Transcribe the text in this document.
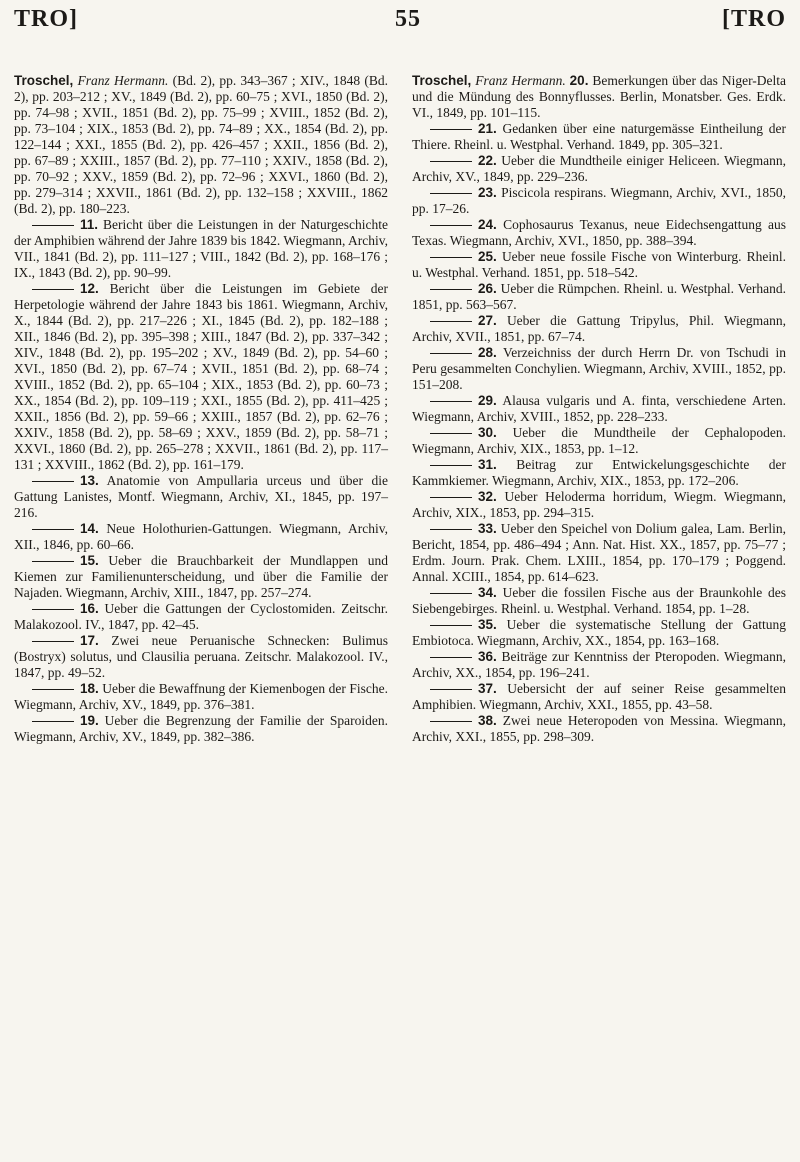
TRO]	55	[TRO

Troschel, Franz Hermann. (Bd. 2), pp. 343–367 ; XIV., 1848 (Bd. 2), pp. 203–212 ; XV., 1849 (Bd. 2), pp. 60–75 ; XVI., 1850 (Bd. 2), pp. 74–98 ; XVII., 1851 (Bd. 2), pp. 75–99 ; XVIII., 1852 (Bd. 2), pp. 73–104 ; XIX., 1853 (Bd. 2), pp. 74–89 ; XX., 1854 (Bd. 2), pp. 122–144 ; XXI., 1855 (Bd. 2), pp. 426–457 ; XXII., 1856 (Bd. 2), pp. 67–89 ; XXIII., 1857 (Bd. 2), pp. 77–110 ; XXIV., 1858 (Bd. 2), pp. 70–92 ; XXV., 1859 (Bd. 2), pp. 72–96 ; XXVI., 1860 (Bd. 2), pp. 279–314 ; XXVII., 1861 (Bd. 2), pp. 132–158 ; XXVIII., 1862 (Bd. 2), pp. 180–223.

11. Bericht über die Leistungen in der Naturgeschichte der Amphibien während der Jahre 1839 bis 1842. Wiegmann, Archiv, VII., 1841 (Bd. 2), pp. 111–127 ; VIII., 1842 (Bd. 2), pp. 168–176 ; IX., 1843 (Bd. 2), pp. 90–99.

12. Bericht über die Leistungen im Gebiete der Herpetologie während der Jahre 1843 bis 1861. Wiegmann, Archiv, X., 1844 (Bd. 2), pp. 217–226 ; XI., 1845 (Bd. 2), pp. 182–188 ; XII., 1846 (Bd. 2), pp. 395–398 ; XIII., 1847 (Bd. 2), pp. 337–342 ; XIV., 1848 (Bd. 2), pp. 195–202 ; XV., 1849 (Bd. 2), pp. 54–60 ; XVI., 1850 (Bd. 2), pp. 67–74 ; XVII., 1851 (Bd. 2), pp. 68–74 ; XVIII., 1852 (Bd. 2), pp. 65–104 ; XIX., 1853 (Bd. 2), pp. 60–73 ; XX., 1854 (Bd. 2), pp. 109–119 ; XXI., 1855 (Bd. 2), pp. 411–425 ; XXII., 1856 (Bd. 2), pp. 59–66 ; XXIII., 1857 (Bd. 2), pp. 62–76 ; XXIV., 1858 (Bd. 2), pp. 58–69 ; XXV., 1859 (Bd. 2), pp. 58–71 ; XXVI., 1860 (Bd. 2), pp. 265–278 ; XXVII., 1861 (Bd. 2), pp. 117–131 ; XXVIII., 1862 (Bd. 2), pp. 161–179.

13. Anatomie von Ampullaria urceus und über die Gattung Lanistes, Montf. Wiegmann, Archiv, XI., 1845, pp. 197–216.

14. Neue Holothurien-Gattungen. Wiegmann, Archiv, XII., 1846, pp. 60–66.

15. Ueber die Brauchbarkeit der Mundlappen und Kiemen zur Familienunterscheidung, und über die Familie der Najaden. Wiegmann, Archiv, XIII., 1847, pp. 257–274.

16. Ueber die Gattungen der Cyclostomiden. Zeitschr. Malakozool. IV., 1847, pp. 42–45.

17. Zwei neue Peruanische Schnecken: Bulimus (Bostryx) solutus, und Clausilia peruana. Zeitschr. Malakozool. IV., 1847, pp. 49–52.

18. Ueber die Bewaffnung der Kiemenbogen der Fische. Wiegmann, Archiv, XV., 1849, pp. 376–381.

19. Ueber die Begrenzung der Familie der Sparoiden. Wiegmann, Archiv, XV., 1849, pp. 382–386.

Troschel, Franz Hermann. 20. Bemerkungen über das Niger-Delta und die Mündung des Bonnyflusses. Berlin, Monatsber. Ges. Erdk. VI., 1849, pp. 101–115.

21. Gedanken über eine naturgemässe Eintheilung der Thiere. Rheinl. u. Westphal. Verhand. 1849, pp. 305–321.

22. Ueber die Mundtheile einiger Heliceen. Wiegmann, Archiv, XV., 1849, pp. 229–236.

23. Piscicola respirans. Wiegmann, Archiv, XVI., 1850, pp. 17–26.

24. Cophosaurus Texanus, neue Eidechsengattung aus Texas. Wiegmann, Archiv, XVI., 1850, pp. 388–394.

25. Ueber neue fossile Fische von Winterburg. Rheinl. u. Westphal. Verhand. 1851, pp. 518–542.

26. Ueber die Rümpchen. Rheinl. u. Westphal. Verhand. 1851, pp. 563–567.

27. Ueber die Gattung Tripylus, Phil. Wiegmann, Archiv, XVII., 1851, pp. 67–74.

28. Verzeichniss der durch Herrn Dr. von Tschudi in Peru gesammelten Conchylien. Wiegmann, Archiv, XVIII., 1852, pp. 151–208.

29. Alausa vulgaris und A. finta, verschiedene Arten. Wiegmann, Archiv, XVIII., 1852, pp. 228–233.

30. Ueber die Mundtheile der Cephalopoden. Wiegmann, Archiv, XIX., 1853, pp. 1–12.

31. Beitrag zur Entwickelungsgeschichte der Kammkiemer. Wiegmann, Archiv, XIX., 1853, pp. 172–206.

32. Ueber Heloderma horridum, Wiegm. Wiegmann, Archiv, XIX., 1853, pp. 294–315.

33. Ueber den Speichel von Dolium galea, Lam. Berlin, Bericht, 1854, pp. 486–494 ; Ann. Nat. Hist. XX., 1857, pp. 75–77 ; Erdm. Journ. Prak. Chem. LXIII., 1854, pp. 170–179 ; Poggend. Annal. XCIII., 1854, pp. 614–623.

34. Ueber die fossilen Fische aus der Braunkohle des Siebengebirges. Rheinl. u. Westphal. Verhand. 1854, pp. 1–28.

35. Ueber die systematische Stellung der Gattung Embiotoca. Wiegmann, Archiv, XX., 1854, pp. 163–168.

36. Beiträge zur Kenntniss der Pteropoden. Wiegmann, Archiv, XX., 1854, pp. 196–241.

37. Uebersicht der auf seiner Reise gesammelten Amphibien. Wiegmann, Archiv, XXI., 1855, pp. 43–58.

38. Zwei neue Heteropoden von Messina. Wiegmann, Archiv, XXI., 1855, pp. 298–309.
